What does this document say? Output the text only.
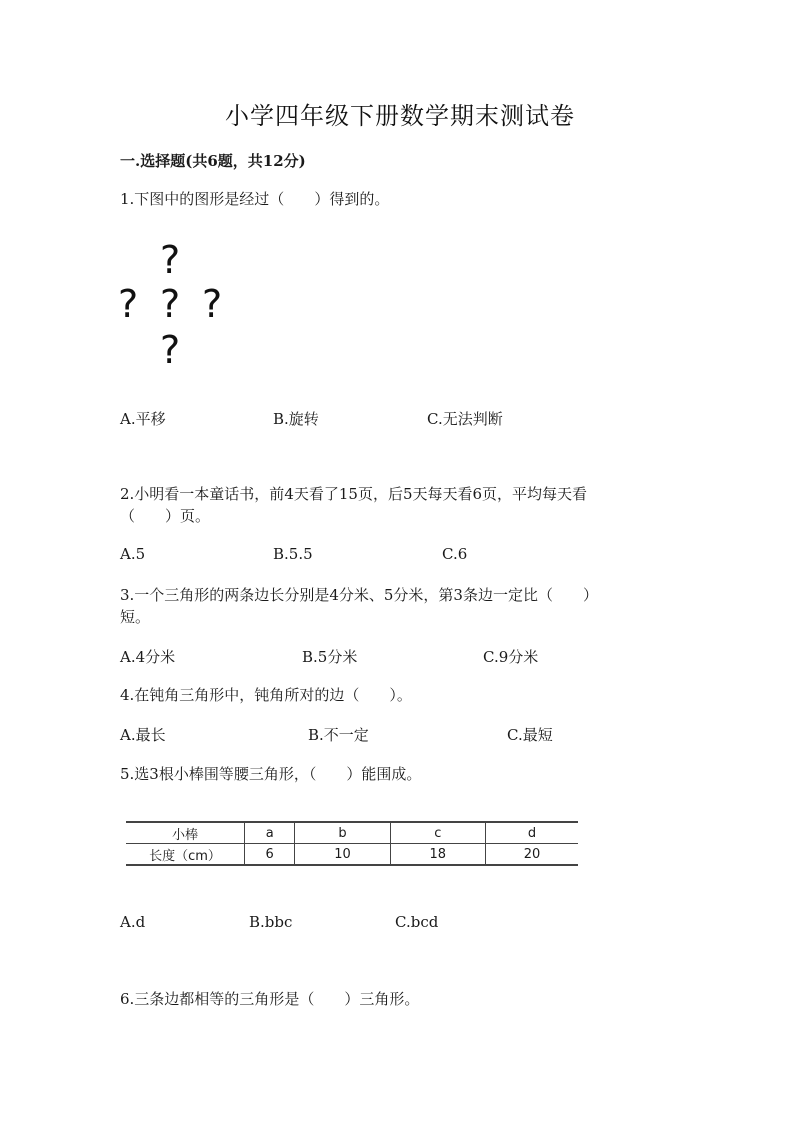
小学四年级下册数学期末测试卷
一.选择题(共6题，共12分)
1.下图中的图形是经过（　　）得到的。
?
? ? ?
?
A.平移	B.旋转	C.无法判断
2.小明看一本童话书，前4天看了15页，后5天每天看6页，平均每天看
（　　）页。
A.5	B.5.5	C.6
3.一个三角形的两条边长分别是4分米、5分米，第3条边一定比（　　）
短。
A.4分米	B.5分米	C.9分米
4.在钝角三角形中，钝角所对的边（　　）。
A.最长	B.不一定	C.最短
5.选3根小棒围等腰三角形，（　　）能围成。
小棒	a	b	c	d
长度（cm）	6	10	18	20
A.d	B.bbc	C.bcd
6.三条边都相等的三角形是（　　）三角形。
